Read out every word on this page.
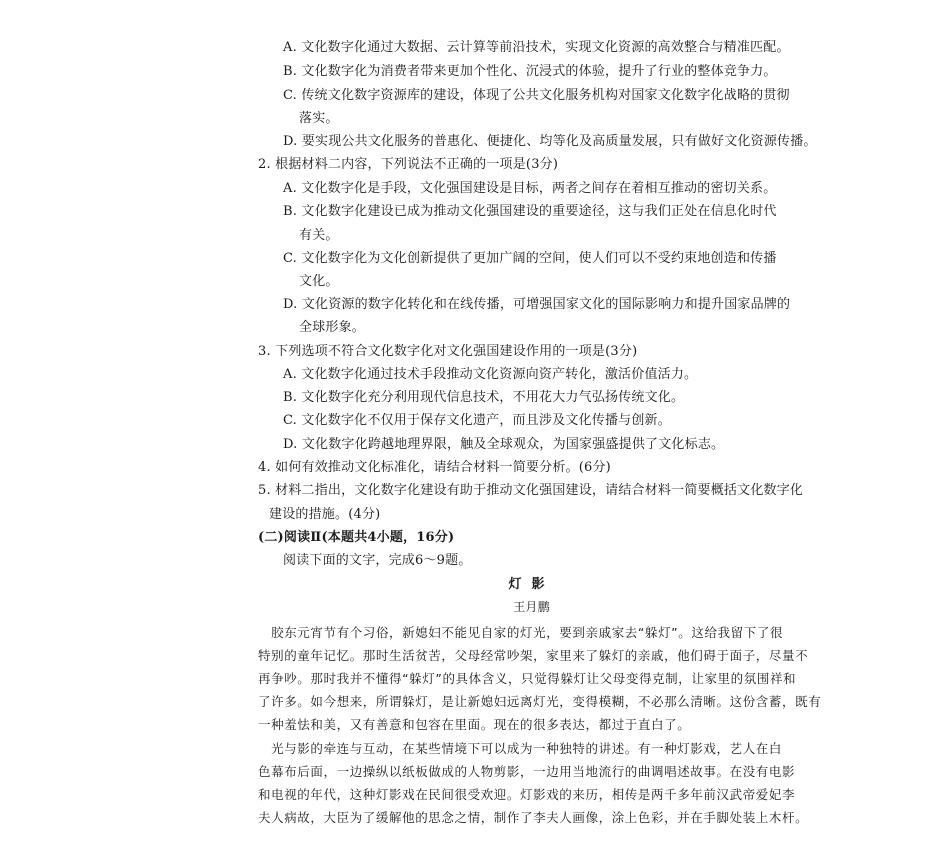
A. 文化数字化通过大数据、云计算等前沿技术，实现文化资源的高效整合与精准匹配。
B. 文化数字化为消费者带来更加个性化、沉浸式的体验，提升了行业的整体竞争力。
C. 传统文化数字资源库的建设，体现了公共文化服务机构对国家文化数字化战略的贯彻
落实。
D. 要实现公共文化服务的普惠化、便捷化、均等化及高质量发展，只有做好文化资源传播。
2. 根据材料二内容，下列说法不正确的一项是(3分)
A. 文化数字化是手段，文化强国建设是目标，两者之间存在着相互推动的密切关系。
B. 文化数字化建设已成为推动文化强国建设的重要途径，这与我们正处在信息化时代
有关。
C. 文化数字化为文化创新提供了更加广阔的空间，使人们可以不受约束地创造和传播
文化。
D. 文化资源的数字化转化和在线传播，可增强国家文化的国际影响力和提升国家品牌的
全球形象。
3. 下列选项不符合文化数字化对文化强国建设作用的一项是(3分)
A. 文化数字化通过技术手段推动文化资源向资产转化，激活价值活力。
B. 文化数字化充分利用现代信息技术，不用花大力气弘扬传统文化。
C. 文化数字化不仅用于保存文化遗产，而且涉及文化传播与创新。
D. 文化数字化跨越地理界限，触及全球观众，为国家强盛提供了文化标志。
4. 如何有效推动文化标准化，请结合材料一简要分析。(6分)
5. 材料二指出，文化数字化建设有助于推动文化强国建设，请结合材料一简要概括文化数字化
建设的措施。(4分)
(二)阅读Ⅱ(本题共4小题，16分)
阅读下面的文字，完成6～9题。
灯影
王月鹏
　胶东元宵节有个习俗，新媳妇不能见自家的灯光，要到亲戚家去“躲灯”。这给我留下了很
特别的童年记忆。那时生活贫苦，父母经常吵架，家里来了躲灯的亲戚，他们碍于面子，尽量不
再争吵。那时我并不懂得“躲灯”的具体含义，只觉得躲灯让父母变得克制，让家里的氛围祥和
了许多。如今想来，所谓躲灯，是让新媳妇远离灯光，变得模糊，不必那么清晰。这份含蓄，既有
一种羞怯和美，又有善意和包容在里面。现在的很多表达，都过于直白了。
　光与影的牵连与互动，在某些情境下可以成为一种独特的讲述。有一种灯影戏，艺人在白
色幕布后面，一边操纵以纸板做成的人物剪影，一边用当地流行的曲调唱述故事。在没有电影
和电视的年代，这种灯影戏在民间很受欢迎。灯影戏的来历，相传是两千多年前汉武帝爱妃李
夫人病故，大臣为了缓解他的思念之情，制作了李夫人画像，涂上色彩，并在手脚处装上木杆。
